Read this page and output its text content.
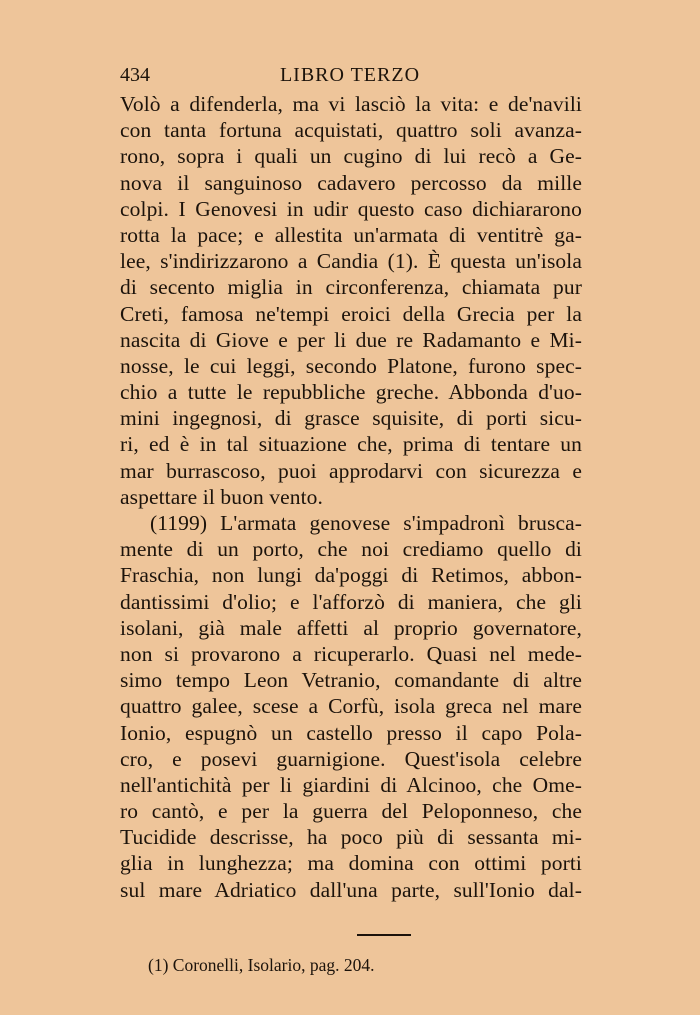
434	LIBRO TERZO
Volò a difenderla, ma vi lasciò la vita: e de'navili
con tanta fortuna acquistati, quattro soli avanza-
rono, sopra i quali un cugino di lui recò a Ge-
nova il sanguinoso cadavero percosso da mille
colpi. I Genovesi in udir questo caso dichiararono
rotta la pace; e allestita un'armata di ventitrè ga-
lee, s'indirizzarono a Candia (1). È questa un'isola
di secento miglia in circonferenza, chiamata pur
Creti, famosa ne'tempi eroici della Grecia per la
nascita di Giove e per li due re Radamanto e Mi-
nosse, le cui leggi, secondo Platone, furono spec-
chio a tutte le repubbliche greche. Abbonda d'uo-
mini ingegnosi, di grasce squisite, di porti sicu-
ri, ed è in tal situazione che, prima di tentare un
mar burrascoso, puoi approdarvi con sicurezza e
aspettare il buon vento.
(1199) L'armata genovese s'impadronì brusca-
mente di un porto, che noi crediamo quello di
Fraschia, non lungi da'poggi di Retimos, abbon-
dantissimi d'olio; e l'afforzò di maniera, che gli
isolani, già male affetti al proprio governatore,
non si provarono a ricuperarlo. Quasi nel mede-
simo tempo Leon Vetranio, comandante di altre
quattro galee, scese a Corfù, isola greca nel mare
Ionio, espugnò un castello presso il capo Pola-
cro, e posevi guarnigione. Quest'isola celebre
nell'antichità per li giardini di Alcinoo, che Ome-
ro cantò, e per la guerra del Peloponneso, che
Tucidide descrisse, ha poco più di sessanta mi-
glia in lunghezza; ma domina con ottimi porti
sul mare Adriatico dall'una parte, sull'Ionio dal-
(1) Coronelli, Isolario, pag. 204.
